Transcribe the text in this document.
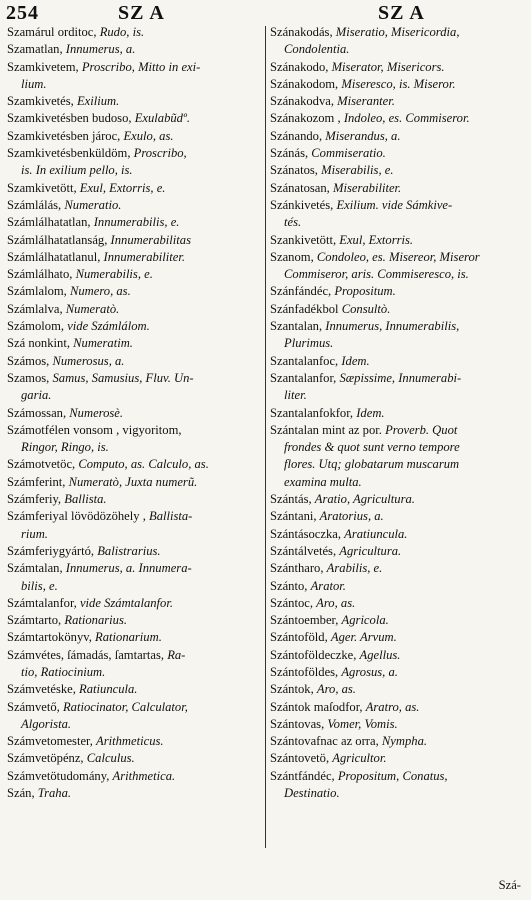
254	SZ A	SZ A
Szamárul orditoc, Rudo, is.
Szamatlan, Innumerus, a.
Szamkivetem, Proscribo, Mitto in exi-
lium.
Szamkivetés, Exilium.
Szamkivetésben budoso, Exulabũdº.
Szamkivetésben jároc, Exulo, as.
Szamkivetésbenküldöm, Proscribo,
is. In exilium pello, is.
Szamkivetött, Exul, Extorris, e.
Számlálás, Numeratio.
Számlálhatatlan, Innumerabilis, e.
Számlálhatatlanság, Innumerabilitas
Számlálhatatlanul, Innumerabiliter.
Számlálhato, Numerabilis, e.
Számlalom, Numero, as.
Számlalva, Numeratò.
Számolom, vide Számlálom.
Szá nonkint, Numeratim.
Számos, Numerosus, a.
Szamos, Samus, Samusius, Fluv. Un-
garia.
Számossan, Numerosè.
Számotfélen vonsom , vigyoritom,
Ringor, Ringo, is.
Számotvetöc, Computo, as. Calculo, as.
Számferint, Numeratò, Juxta numerũ.
Számferiy, Ballista.
Számferiyal lövödözöhely , Ballista-
rium.
Számferiygyártó, Balistrarius.
Számtalan, Innumerus, a. Innumera-
bilis, e.
Számtalanfor, vide Számtalanfor.
Számtarto, Rationarius.
Számtartokönyv, Rationarium.
Számvétes, ſámadás, ſamtartas, Ra-
tio, Ratiocinium.
Számvetéske, Ratiuncula.
Számvető, Ratiocinator, Calculator,
Algorista.
Számvetomester, Arithmeticus.
Számvetöpénz, Calculus.
Számvetötudomány, Arithmetica.
Szán, Traha.
Szánakodás, Miseratio, Misericordia,
Condolentia.
Szánakodo, Miserator, Misericors.
Szánakodom, Miseresco, is. Miseror.
Szánakodva, Miseranter.
Szánakozom , Indoleo, es. Commiseror.
Szánando, Miserandus, a.
Szánás, Commiseratio.
Szánatos, Miserabilis, e.
Szánatosan, Miserabiliter.
Szánkivetés, Exilium. vide Sámkive-
tés.
Szankivetött, Exul, Extorris.
Szanom, Condoleo, es. Misereor, Miseror
Commiseror, aris. Commiseresco, is.
Szánfándéc, Propositum.
Szánfadékbol Consultò.
Szantalan, Innumerus, Innumerabilis,
Plurimus.
Szantalanfoc, Idem.
Szantalanfor, Sæpissime, Innumerabi-
liter.
Szantalanfokfor, Idem.
Szántalan mint az por. Proverb. Quot
frondes & quot sunt verno tempore
flores. Utq; globatarum muscarum
examina multa.
Szántás, Aratio, Agricultura.
Szántani, Aratorius, a.
Szántásoczka, Aratiuncula.
Szántálvetés, Agricultura.
Szántharo, Arabilis, e.
Szánto, Arator.
Szántoc, Aro, as.
Szántoember, Agricola.
Szántoföld, Ager. Arvum.
Szántoföldeczke, Agellus.
Szántoföldes, Agrosus, a.
Szántok, Aro, as.
Szántok maſodfor, Aratro, as.
Szántovas, Vomer, Vomis.
Szántovafnac az orra, Nympha.
Szántovetö, Agricultor.
Szántfándéc, Propositum, Conatus,
Destinatio.
Szá-
